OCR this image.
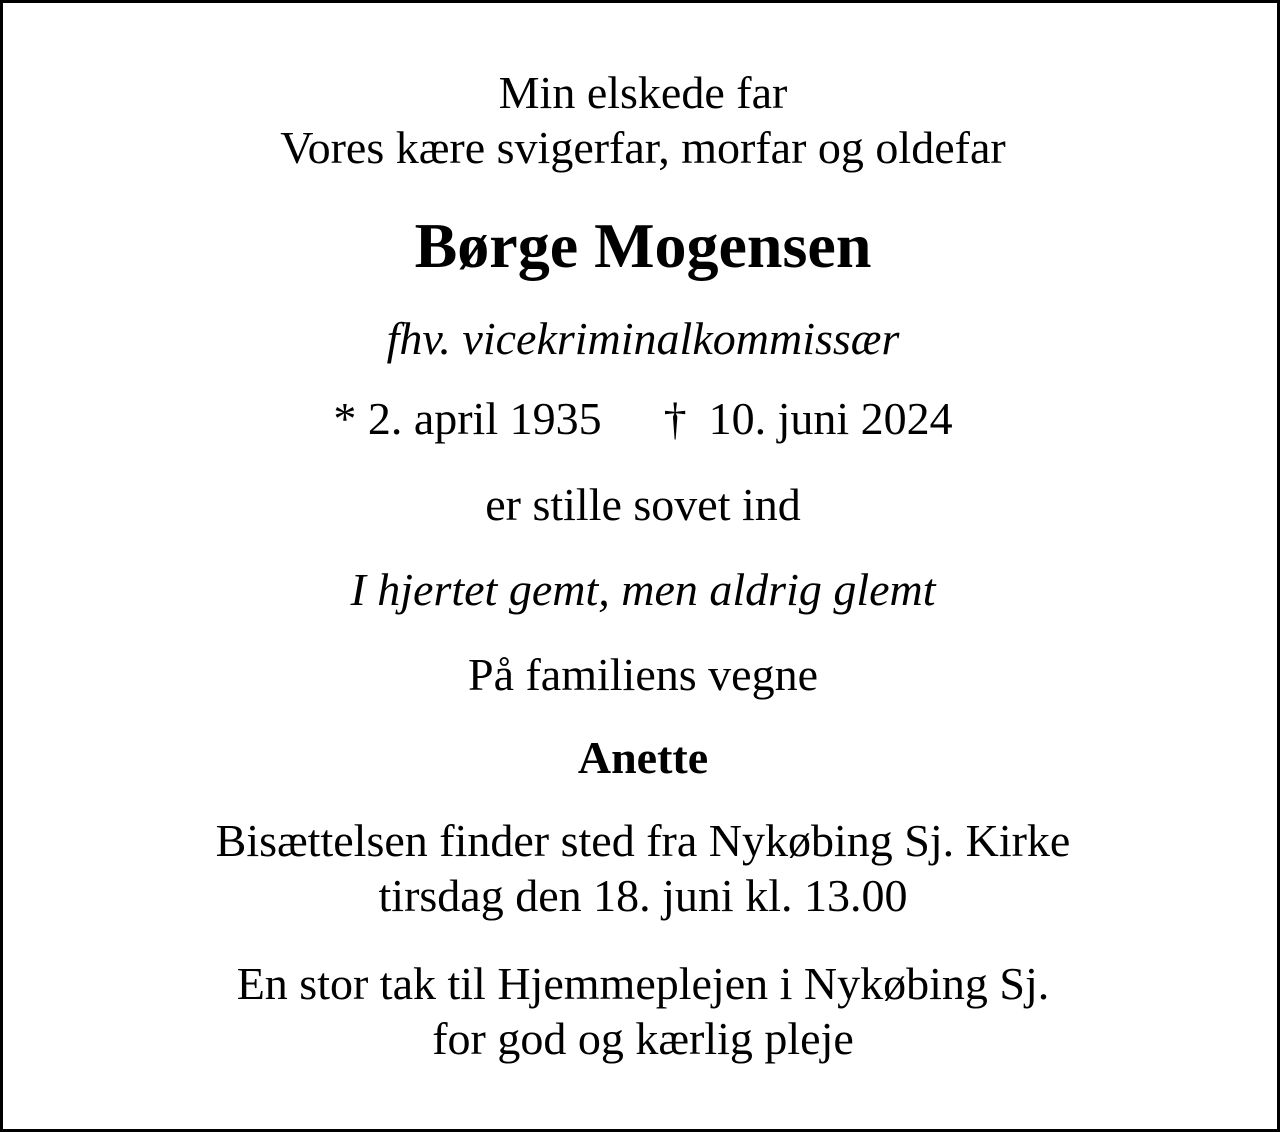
Min elskede far
Vores kære svigerfar, morfar og oldefar
Børge Mogensen
fhv. vicekriminalkommissær
* 2. april 1935 † 10. juni 2024
er stille sovet ind
I hjertet gemt, men aldrig glemt
På familiens vegne
Anette
Bisættelsen finder sted fra Nykøbing Sj. Kirke
tirsdag den 18. juni kl. 13.00
En stor tak til Hjemmeplejen i Nykøbing Sj.
for god og kærlig pleje
